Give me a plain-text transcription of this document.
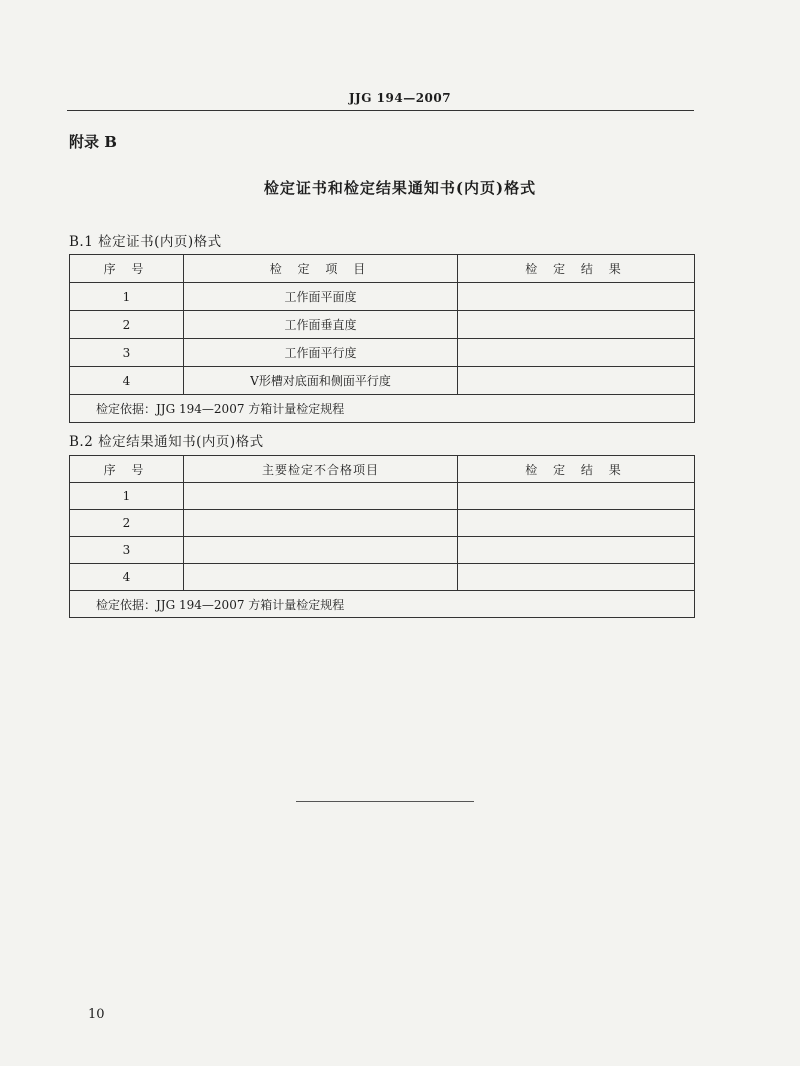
JJG 194—2007
附录 B
检定证书和检定结果通知书(内页)格式
B.1 检定证书(内页)格式
序 号	检 定 项 目	检 定 结 果
1	工作面平面度	
2	工作面垂直度	
3	工作面平行度	
4	V形槽对底面和侧面平行度	
检定依据：JJG 194—2007 方箱计量检定规程		
B.2 检定结果通知书(内页)格式
序 号	主要检定不合格项目	检 定 结 果
1		
2		
3		
4		
检定依据：JJG 194—2007 方箱计量检定规程		
10
